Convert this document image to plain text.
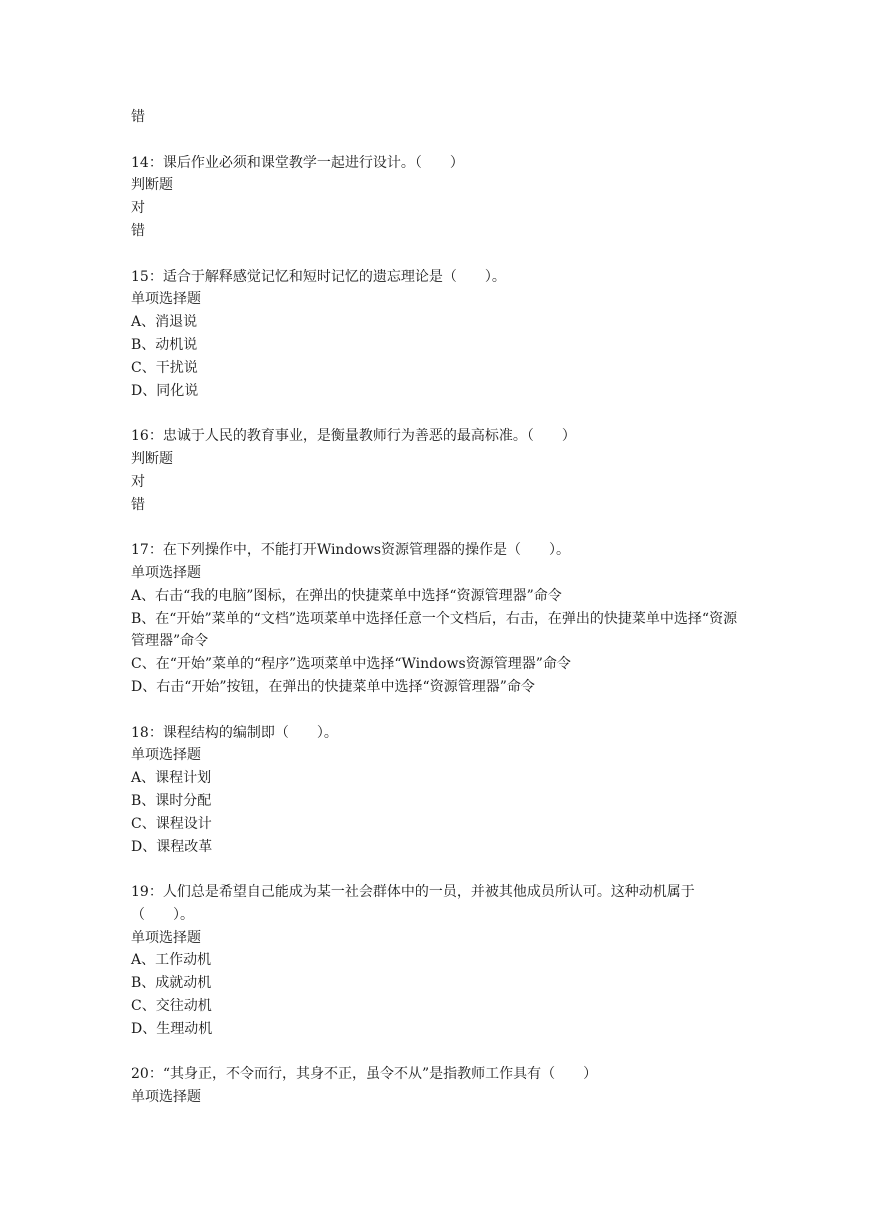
错
14：课后作业必须和课堂教学一起进行设计。（　　）
判断题
对
错
15：适合于解释感觉记忆和短时记忆的遗忘理论是（　　）。
单项选择题
A、消退说
B、动机说
C、干扰说
D、同化说
16：忠诚于人民的教育事业，是衡量教师行为善恶的最高标准。（　　）
判断题
对
错
17：在下列操作中，不能打开Windows资源管理器的操作是（　　）。
单项选择题
A、右击“我的电脑”图标，在弹出的快捷菜单中选择“资源管理器”命令
B、在“开始”菜单的“文档”选项菜单中选择任意一个文档后，右击，在弹出的快捷菜单中选择“资源管理器”命令
C、在“开始”菜单的“程序”选项菜单中选择“Windows资源管理器”命令
D、右击“开始”按钮，在弹出的快捷菜单中选择“资源管理器”命令
18：课程结构的编制即（　　）。
单项选择题
A、课程计划
B、课时分配
C、课程设计
D、课程改革
19：人们总是希望自己能成为某一社会群体中的一员，并被其他成员所认可。这种动机属于（　　）。
单项选择题
A、工作动机
B、成就动机
C、交往动机
D、生理动机
20：“其身正，不令而行，其身不正，虽令不从”是指教师工作具有（　　）
单项选择题
